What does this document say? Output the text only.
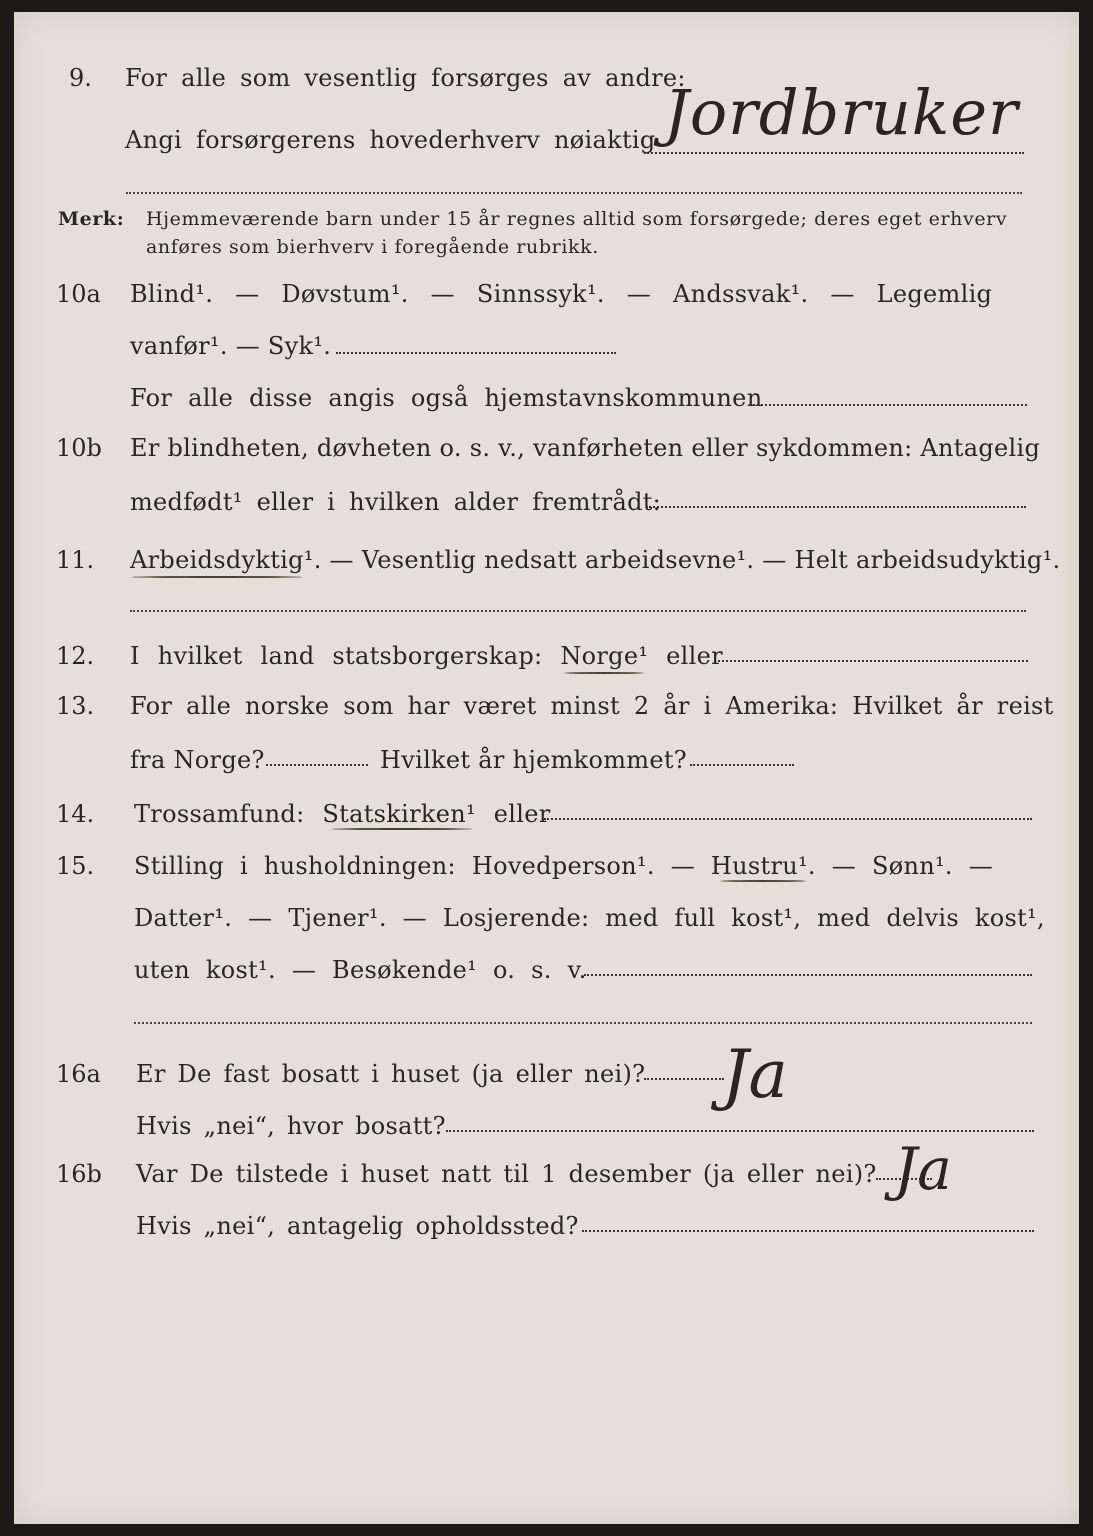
9. For alle som vesentlig forsørges av andre:
Angi forsørgerens hovederhverv nøiaktig Jordbruker
Merk: Hjemmeværende barn under 15 år regnes alltid som forsørgede; deres eget erhverv
anføres som bierhverv i foregående rubrikk.
10a Blind¹. — Døvstum¹. — Sinnssyk¹. — Andssvak¹. — Legemlig
vanfør¹. — Syk¹.
For alle disse angis også hjemstavnskommunen
10b Er blindheten, døvheten o. s. v., vanførheten eller sykdommen: Antagelig
medfødt¹ eller i hvilken alder fremtrådt:
11. Arbeidsdyktig¹. — Vesentlig nedsatt arbeidsevne¹. — Helt arbeidsudyktig¹.
12. I hvilket land statsborgerskap: Norge¹ eller
13. For alle norske som har været minst 2 år i Amerika: Hvilket år reist
fra Norge?	Hvilket år hjemkommet?
14. Trossamfund: Statskirken¹ eller
15. Stilling i husholdningen: Hovedperson¹. — Hustru¹. — Sønn¹. —
Datter¹. — Tjener¹. — Losjerende: med full kost¹, med delvis kost¹,
uten kost¹. — Besøkende¹ o. s. v.
16a Er De fast bosatt i huset (ja eller nei)? Ja
Hvis „nei“, hvor bosatt?
16b Var De tilstede i huset natt til 1 desember (ja eller nei)? Ja
Hvis „nei“, antagelig opholdssted?
